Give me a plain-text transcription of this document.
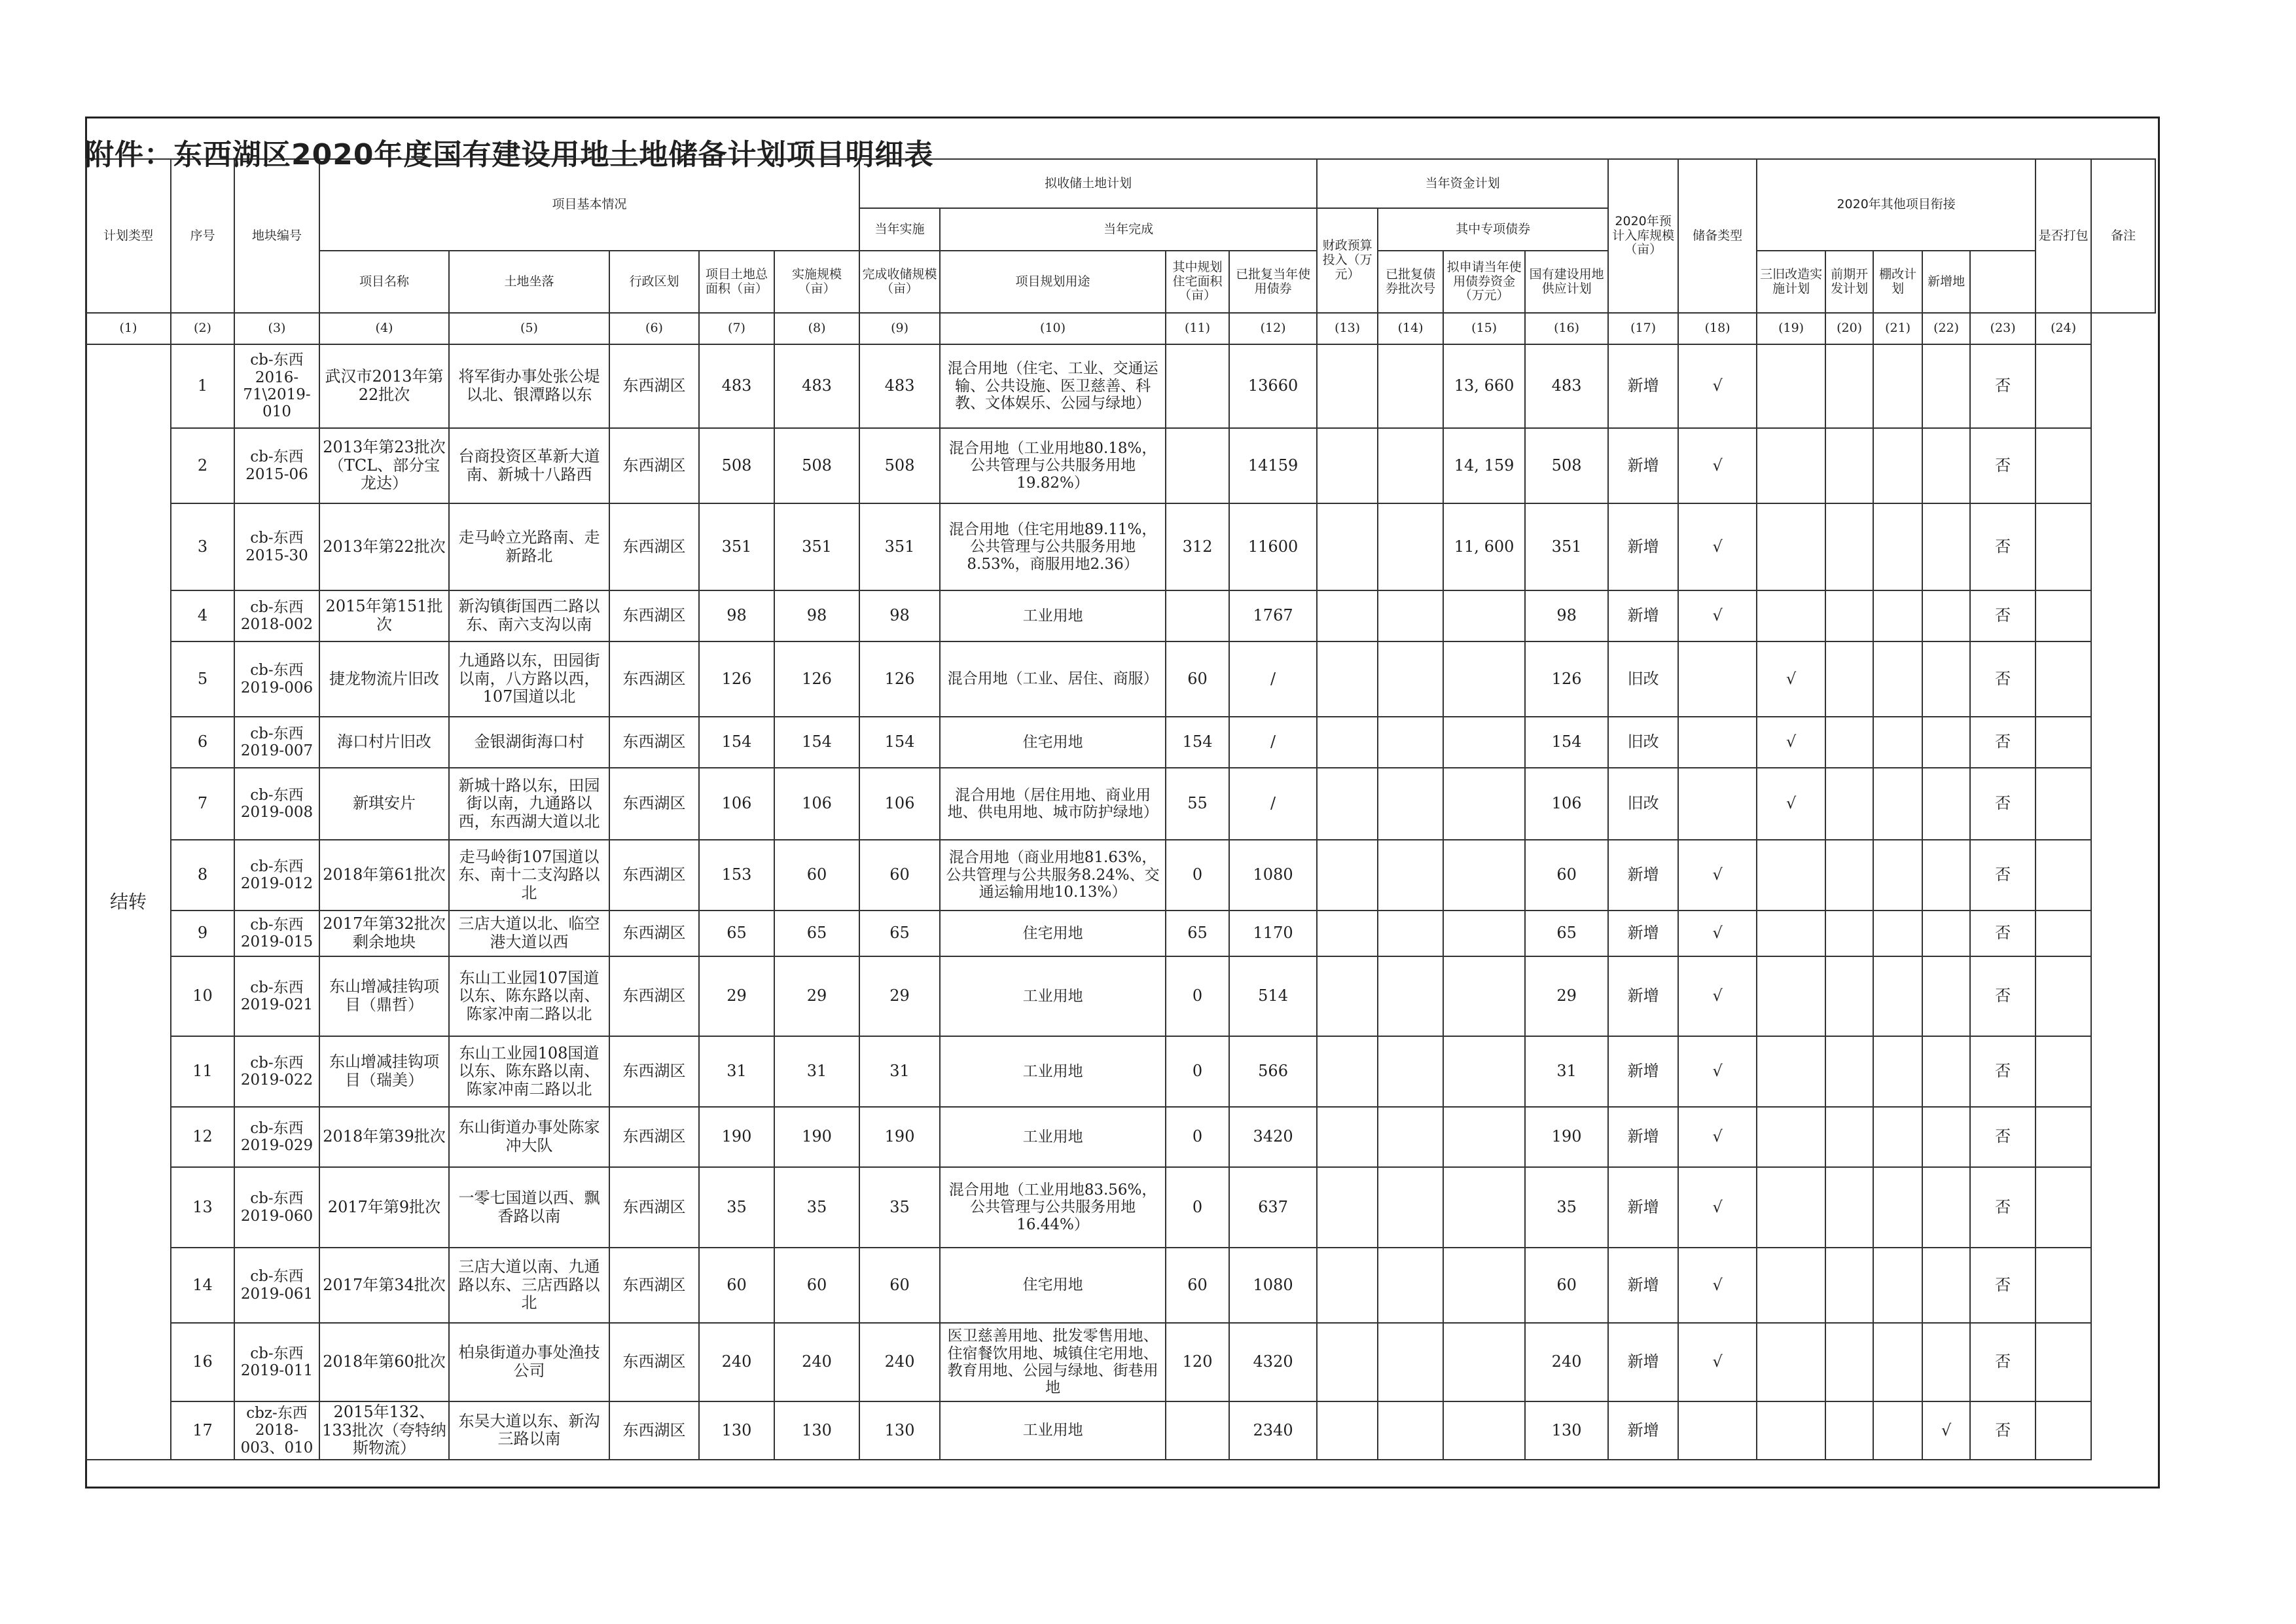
计划类型	序号	地块编号	项目基本情况					拟收储土地计划				当年资金计划				2020年预计入库规模（亩）	储备类型	2020年其他项目衔接					是否打包	备注
								当年实施	当年完成			财政预算投入（万元）	其中专项债券											
			项目名称	土地坐落	行政区划	项目土地总面积（亩）	实施规模（亩）	完成收储规模（亩）	项目规划用途	其中规划住宅面积（亩）	已批复当年使用债券		已批复债券批次号	拟申请当年使用债券资金（万元）	国有建设用地供应计划			三旧改造实施计划	前期开发计划	棚改计划	新增地			
(1)	(2)	(3)	(4)	(5)	(6)	(7)	(8)	(9)	(10)	(11)	(12)	(13)	(14)	(15)	(16)	(17)	(18)	(19)	(20)	(21)	(22)	(23)	(24)	
结转	1	cb-东西 2016-71\2019-010	武汉市2013年第22批次	将军街办事处张公堤以北、银潭路以东	东西湖区	483	483	483	混合用地（住宅、工业、交通运输、公共设施、医卫慈善、科教、文体娱乐、公园与绿地）		13660			13, 660	483	新增	√					否		
	2	cb-东西 2015-06	2013年第23批次（TCL、部分宝龙达）	台商投资区革新大道南、新城十八路西	东西湖区	508	508	508	混合用地（工业用地80.18%，公共管理与公共服务用地19.82%）		14159			14, 159	508	新增	√					否		
	3	cb-东西 2015-30	2013年第22批次	走马岭立光路南、走新路北	东西湖区	351	351	351	混合用地（住宅用地89.11%，公共管理与公共服务用地8.53%，商服用地2.36）	312	11600			11, 600	351	新增	√					否		
	4	cb-东西 2018-002	2015年第151批次	新沟镇街国西二路以东、南六支沟以南	东西湖区	98	98	98	工业用地		1767				98	新增	√					否		
	5	cb-东西 2019-006	捷龙物流片旧改	九通路以东，田园街以南，八方路以西，107国道以北	东西湖区	126	126	126	混合用地（工业、居住、商服）	60	/				126	旧改		√				否		
	6	cb-东西 2019-007	海口村片旧改	金银湖街海口村	东西湖区	154	154	154	住宅用地	154	/				154	旧改		√				否		
	7	cb-东西 2019-008	新琪安片	新城十路以东，田园街以南，九通路以西，东西湖大道以北	东西湖区	106	106	106	混合用地（居住用地、商业用地、供电用地、城市防护绿地）	55	/				106	旧改		√				否		
	8	cb-东西 2019-012	2018年第61批次	走马岭街107国道以东、南十二支沟路以北	东西湖区	153	60	60	混合用地（商业用地81.63%，公共管理与公共服务8.24%、交通运输用地10.13%）	0	1080				60	新增	√					否		
	9	cb-东西 2019-015	2017年第32批次剩余地块	三店大道以北、临空港大道以西	东西湖区	65	65	65	住宅用地	65	1170				65	新增	√					否		
	10	cb-东西 2019-021	东山增减挂钩项目（鼎哲）	东山工业园107国道以东、陈东路以南、陈家冲南二路以北	东西湖区	29	29	29	工业用地	0	514				29	新增	√					否		
	11	cb-东西 2019-022	东山增减挂钩项目（瑞美）	东山工业园108国道以东、陈东路以南、陈家冲南二路以北	东西湖区	31	31	31	工业用地	0	566				31	新增	√					否		
	12	cb-东西 2019-029	2018年第39批次	东山街道办事处陈家冲大队	东西湖区	190	190	190	工业用地	0	3420				190	新增	√					否		
	13	cb-东西 2019-060	2017年第9批次	一零七国道以西、飘香路以南	东西湖区	35	35	35	混合用地（工业用地83.56%，公共管理与公共服务用地16.44%）	0	637				35	新增	√					否		
	14	cb-东西 2019-061	2017年第34批次	三店大道以南、九通路以东、三店西路以北	东西湖区	60	60	60	住宅用地	60	1080				60	新增	√					否		
	16	cb-东西 2019-011	2018年第60批次	柏泉街道办事处渔技公司	东西湖区	240	240	240	医卫慈善用地、批发零售用地、住宿餐饮用地、城镇住宅用地、教育用地、公园与绿地、街巷用地	120	4320				240	新增	√					否		
	17	cbz-东西 2018-003、010	2015年132、133批次（夸特纳斯物流）	东吴大道以东、新沟三路以南	东西湖区	130	130	130	工业用地		2340				130	新增					√	否		
附件：东西湖区2020年度国有建设用地土地储备计划项目明细表
